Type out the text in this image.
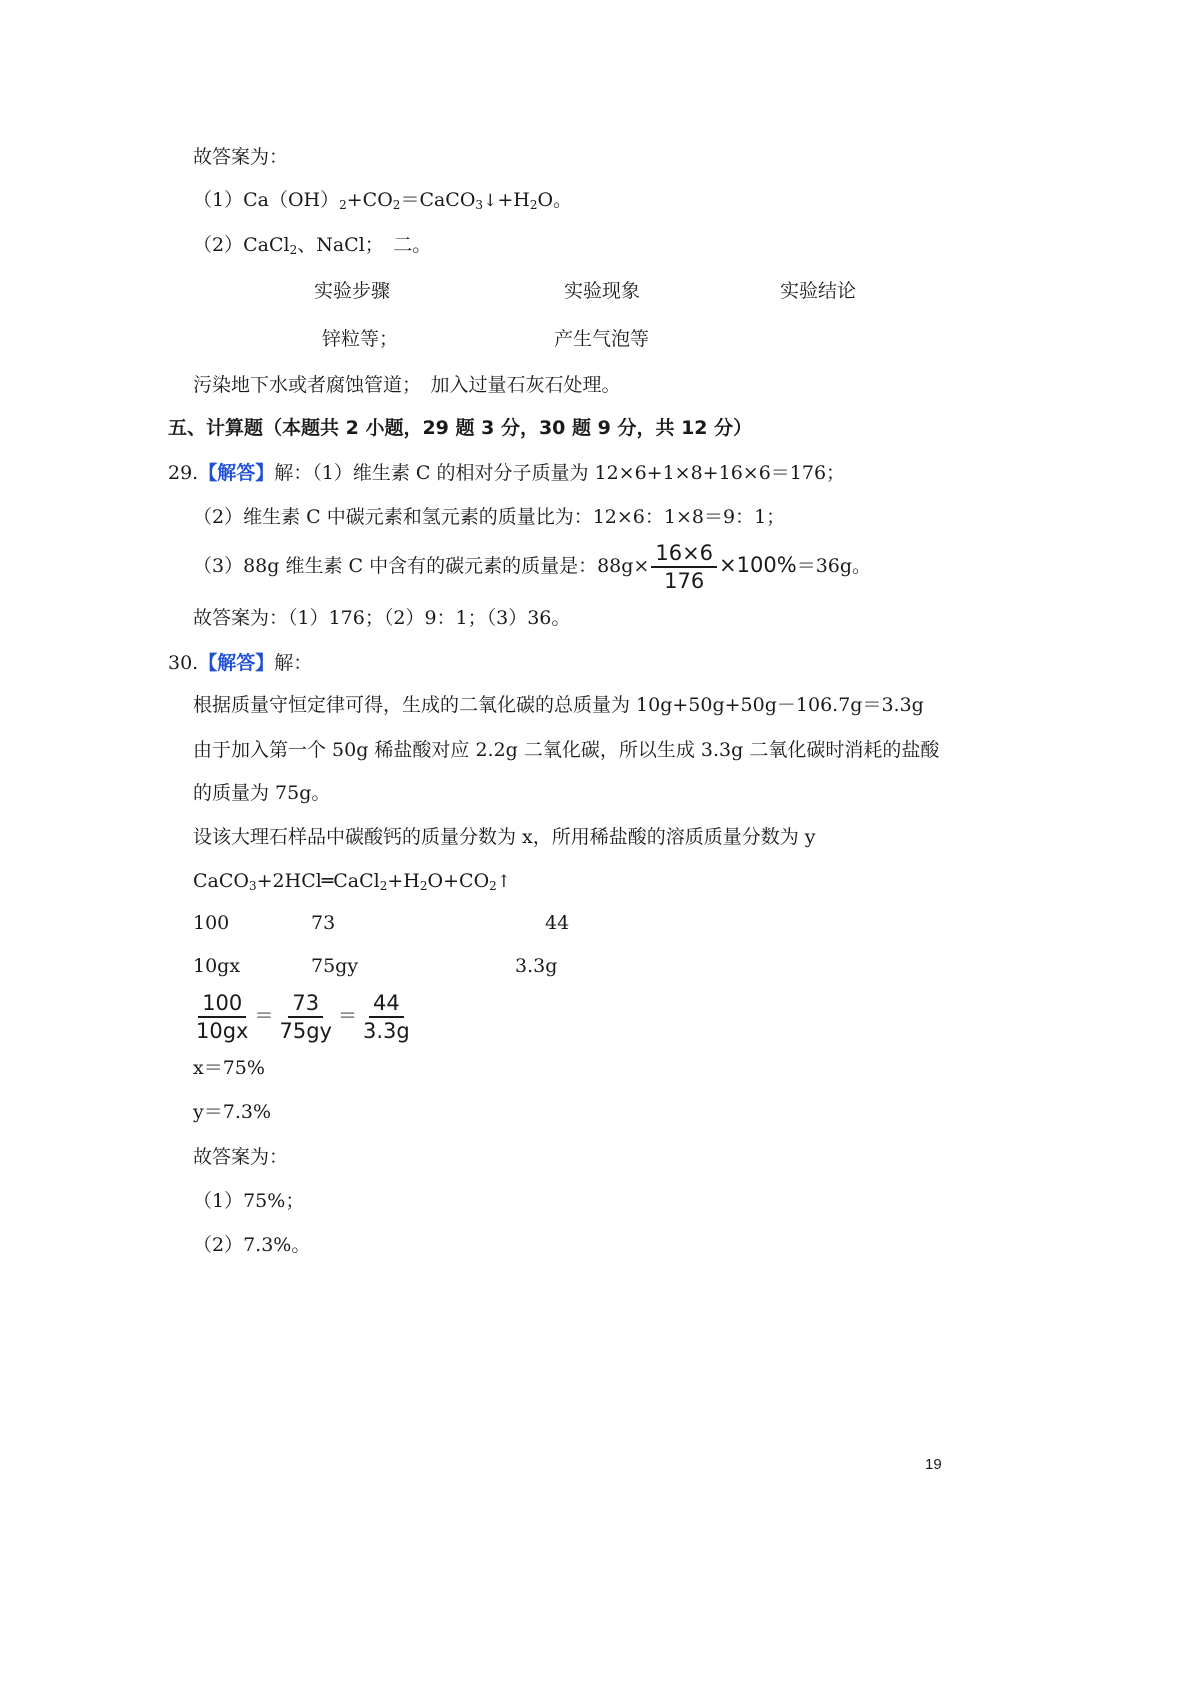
故答案为：
$(1)Ca(OH)_2+CO_2=CaCO_3↓+H_2O$。
（2）CaCl$_2$、NaCl；　二。
实验步骤	实验现象	实验结论
锌粒等；	产生气泡等
污染地下水或者腐蚀管道；　加入过量石灰石处理。
五、计算题（本题共 2 小题，29 题 3 分，30 题 9 分，共 12 分）
29.【解答】解：（1）维生素 C 的相对分子质量为 12×6+1×8+16×6＝176；
（2）维生素 C 中碳元素和氢元素的质量比为：12×6：1×8＝9：1；
（3）88g 维生素 C 中含有的碳元素的质量是：$88g\times \frac{16\times 6}{176} \times 100\%=36g$。
故答案为：（1）176；（2）9：1；（3）36。
30.【解答】解：
根据质量守恒定律可得，生成的二氧化碳的总质量为 10g+50g+50g－106.7g＝3.3g
由于加入第一个 50g 稀盐酸对应 2.2g 二氧化碳，所以生成 3.3g 二氧化碳时消耗的盐酸
的质量为 75g。
设该大理石样品中碳酸钙的质量分数为 x，所用稀盐酸的溶质质量分数为 y
$CaCO_3+2HCl═CaCl_2+H_2O+CO_2↑$
100	73	44
10gx	75gy	3.3g
$\frac{100}{10gx} = \frac{73}{75gy} = \frac{44}{3.3g}$
x＝75%
y＝7.3%
故答案为：
（1）75%；
（2）7.3%。
19
